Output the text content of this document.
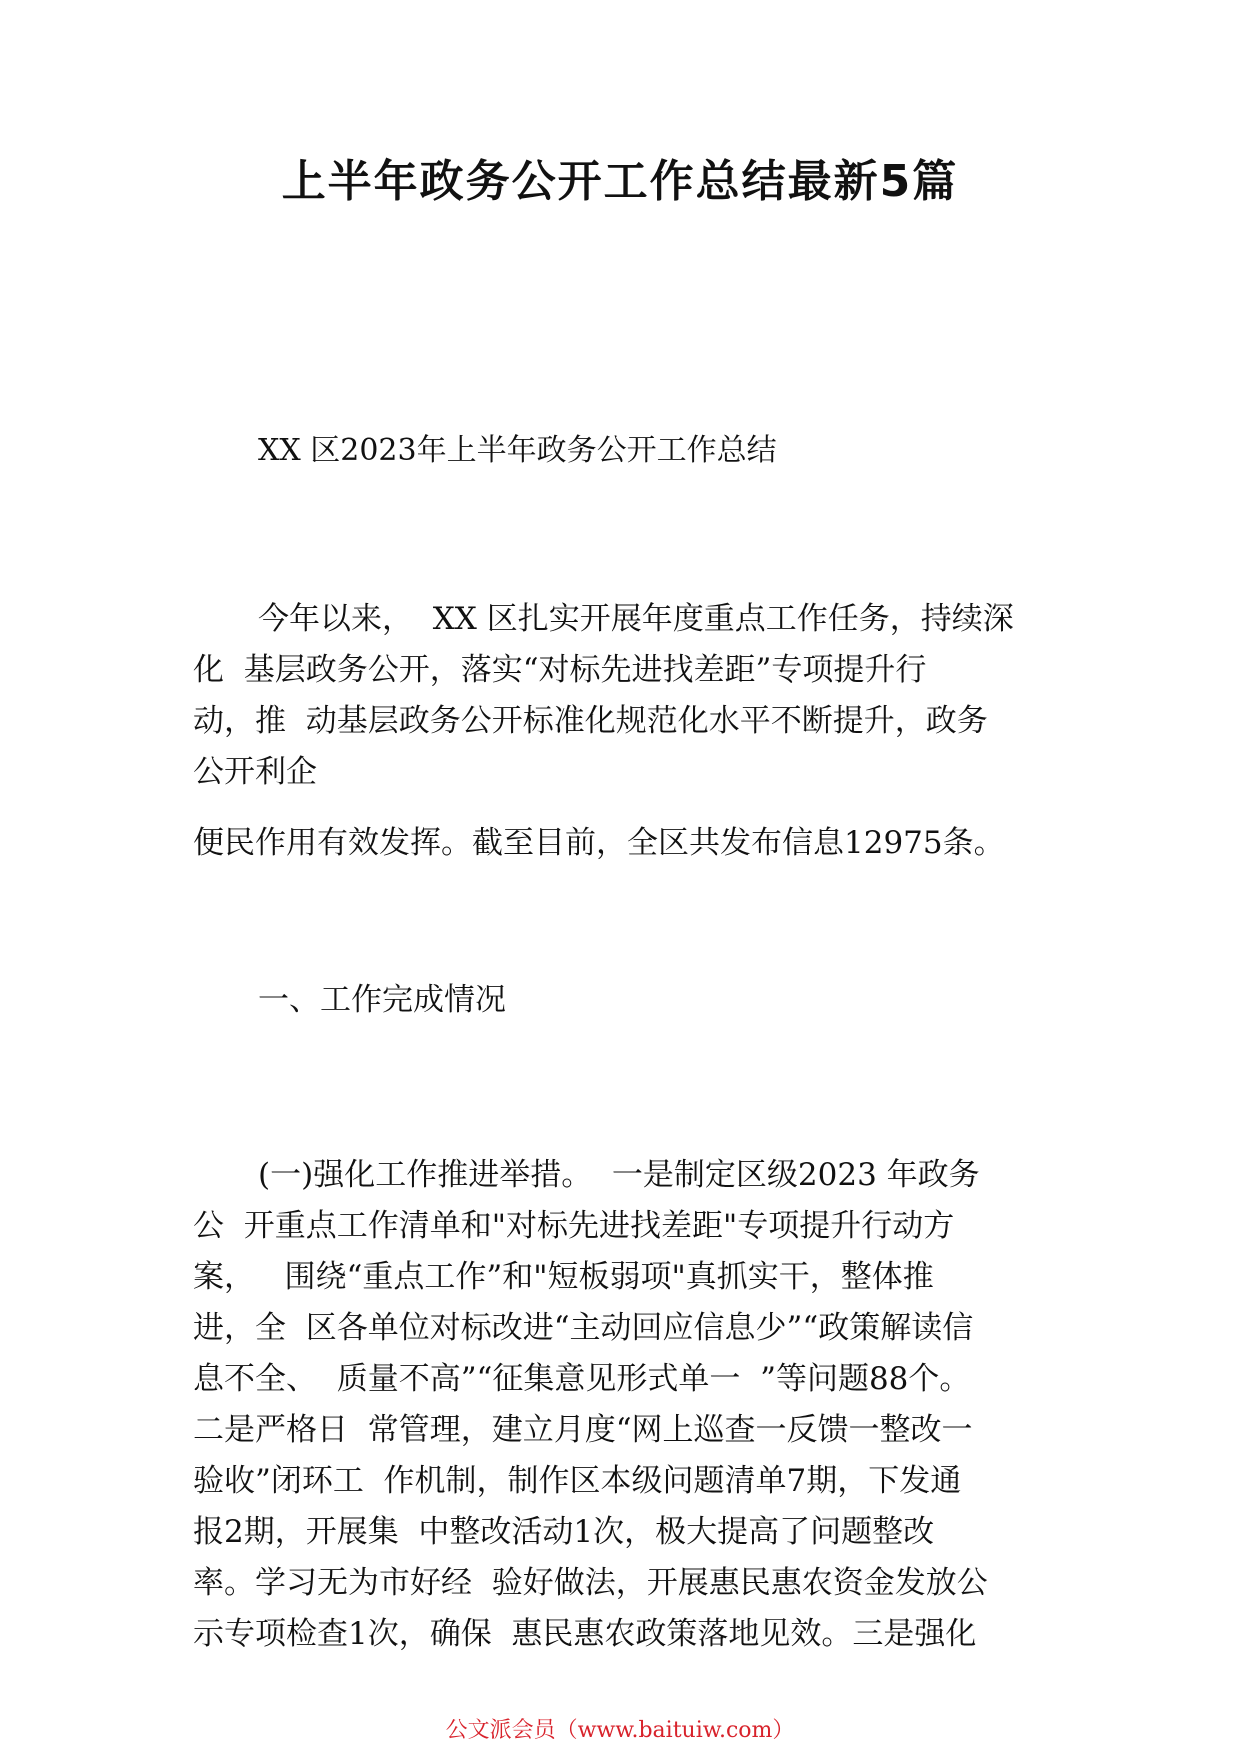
上半年政务公开工作总结最新5篇

XX 区2023年上半年政务公开工作总结

今年以来，  XX 区扎实开展年度重点工作任务，持续深

化  基层政务公开，落实“对标先进找差距”专项提升行

动，推  动基层政务公开标准化规范化水平不断提升，政务

公开利企

便民作用有效发挥。截至目前，全区共发布信息12975条。

一、工作完成情况

(一)强化工作推进举措。  一是制定区级2023 年政务

公  开重点工作清单和"对标先进找差距"专项提升行动方

案，   围绕“重点工作”和"短板弱项"真抓实干，整体推

进，全  区各单位对标改进“主动回应信息少”“政策解读信

息不全、  质量不高”“征集意见形式单一  ”等问题88个。

二是严格日  常管理，建立月度“网上巡查一反馈一整改一

验收”闭环工  作机制，制作区本级问题清单7期，下发通

报2期，开展集  中整改活动1次，极大提高了问题整改

率。学习无为市好经  验好做法，开展惠民惠农资金发放公

示专项检查1次，确保  惠民惠农政策落地见效。三是强化

公文派会员（www.baituiw.com）
